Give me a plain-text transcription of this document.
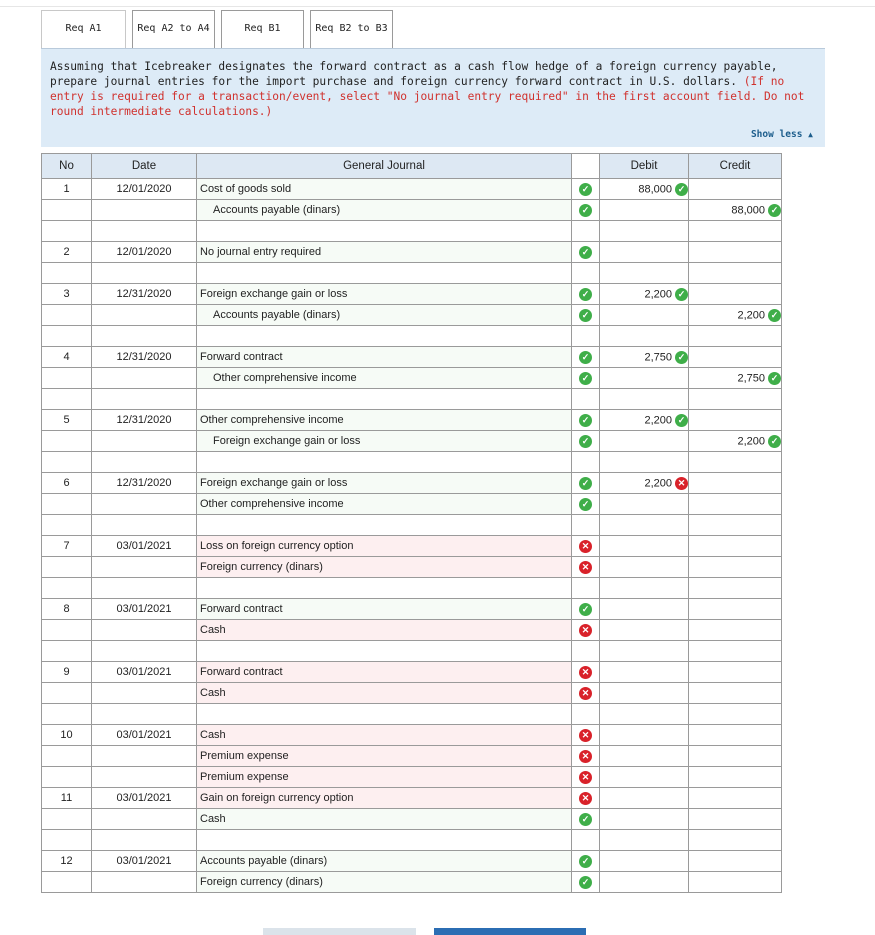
Req A1	Req A2 to A4	Req B1	Req B2 to B3
Assuming that Icebreaker designates the forward contract as a cash flow hedge of a foreign currency payable, prepare journal entries for the import purchase and foreign currency forward contract in U.S. dollars. (If no entry is required for a transaction/event, select "No journal entry required" in the first account field. Do not round intermediate calculations.)
Show less ▲
No	Date	General Journal		Debit	Credit
1	12/01/2020	Cost of goods sold	✓	88,000 ✓	

		Accounts payable (dinars)	✓		88,000 ✓

2	12/01/2020	No journal entry required	✓		

3	12/31/2020	Foreign exchange gain or loss	✓	2,200 ✓	

		Accounts payable (dinars)	✓		2,200 ✓

4	12/31/2020	Forward contract	✓	2,750 ✓	

		Other comprehensive income	✓		2,750 ✓

5	12/31/2020	Other comprehensive income	✓	2,200 ✓	

		Foreign exchange gain or loss	✓		2,200 ✓

6	12/31/2020	Foreign exchange gain or loss	✓	2,200 ✕	

		Other comprehensive income	✓		

7	03/01/2021	Loss on foreign currency option	✕		

		Foreign currency (dinars)	✕		

8	03/01/2021	Forward contract	✓		

		Cash	✕		

9	03/01/2021	Forward contract	✕		

		Cash	✕		

10	03/01/2021	Cash	✕		

		Premium expense	✕		

		Premium expense	✕		
11	03/01/2021	Gain on foreign currency option	✕		

		Cash	✓		

12	03/01/2021	Accounts payable (dinars)	✓		

		Foreign currency (dinars)	✓		
